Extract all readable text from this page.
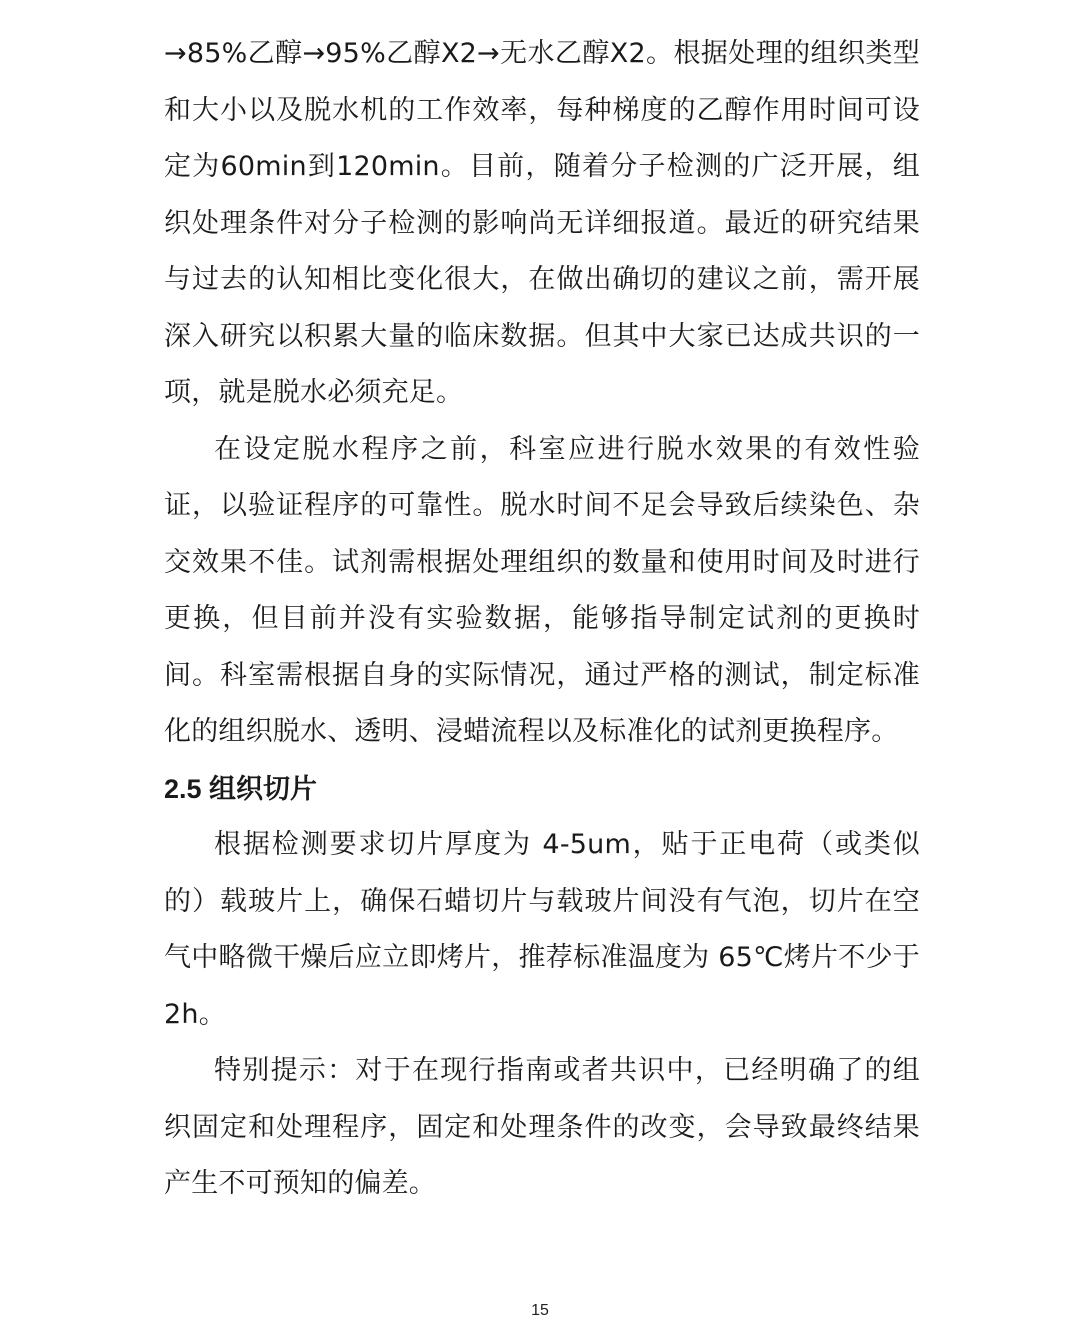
→85%乙醇→95%乙醇X2→无水乙醇X2。根据处理的组织类型和大小以及脱水机的工作效率，每种梯度的乙醇作用时间可设定为60min到120min。目前，随着分子检测的广泛开展，组织处理条件对分子检测的影响尚无详细报道。最近的研究结果与过去的认知相比变化很大，在做出确切的建议之前，需开展深入研究以积累大量的临床数据。但其中大家已达成共识的一项，就是脱水必须充足。

在设定脱水程序之前，科室应进行脱水效果的有效性验证，以验证程序的可靠性。脱水时间不足会导致后续染色、杂交效果不佳。试剂需根据处理组织的数量和使用时间及时进行更换，但目前并没有实验数据，能够指导制定试剂的更换时间。科室需根据自身的实际情况，通过严格的测试，制定标准化的组织脱水、透明、浸蜡流程以及标准化的试剂更换程序。

2.5 组织切片

根据检测要求切片厚度为 4-5um，贴于正电荷（或类似的）载玻片上，确保石蜡切片与载玻片间没有气泡，切片在空气中略微干燥后应立即烤片，推荐标准温度为 65℃烤片不少于 2h。

特别提示：对于在现行指南或者共识中，已经明确了的组织固定和处理程序，固定和处理条件的改变，会导致最终结果产生不可预知的偏差。

15
